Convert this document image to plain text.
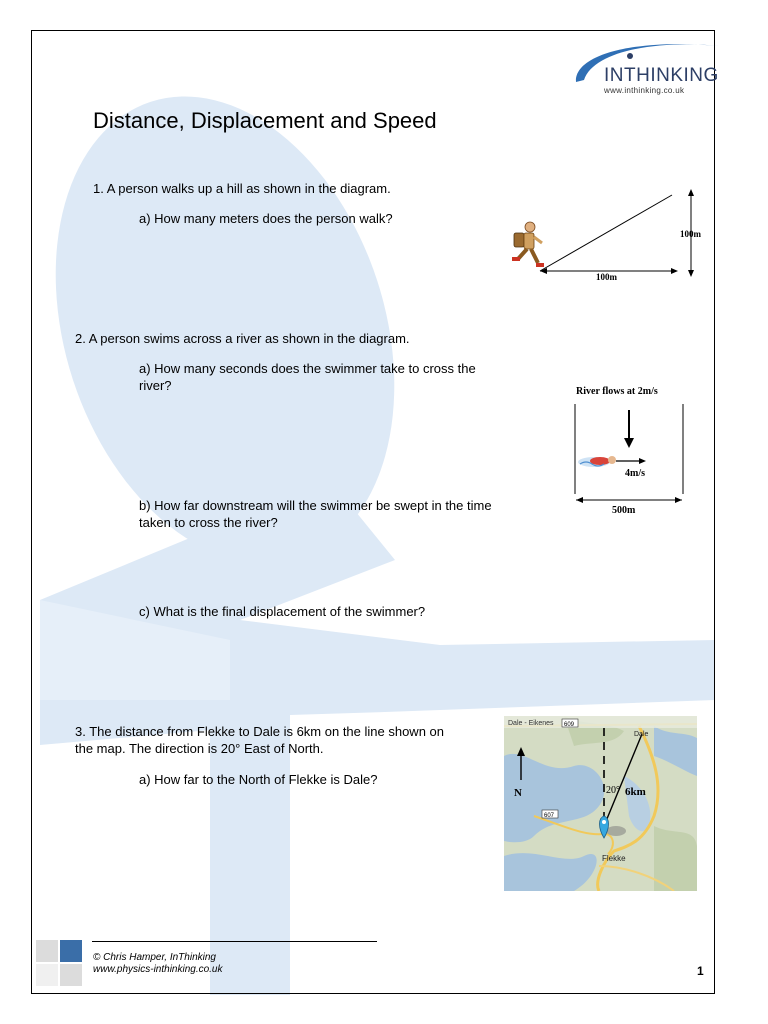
INTHINKING
www.inthinking.co.uk
Distance, Displacement and Speed
1. A person walks up a hill as shown in the diagram.
a) How many meters does the person walk?
100m
100m
2. A person swims across a river as shown in the diagram.
a) How many seconds does the swimmer take to cross the
river?
b) How far downstream will the swimmer be swept in the time
taken to cross the river?
c) What is the final displacement of the swimmer?
River flows at 2m/s
4m/s
500m
3. The distance from Flekke to Dale is 6km on the line shown on
the map. The direction is 20° East of North.
a) How far to the North of Flekke is Dale?
Dale - Eikenes 609
607
N	20° 6km
Dale
Flekke
© Chris Hamper, InThinking
www.physics-inthinking.co.uk	1
